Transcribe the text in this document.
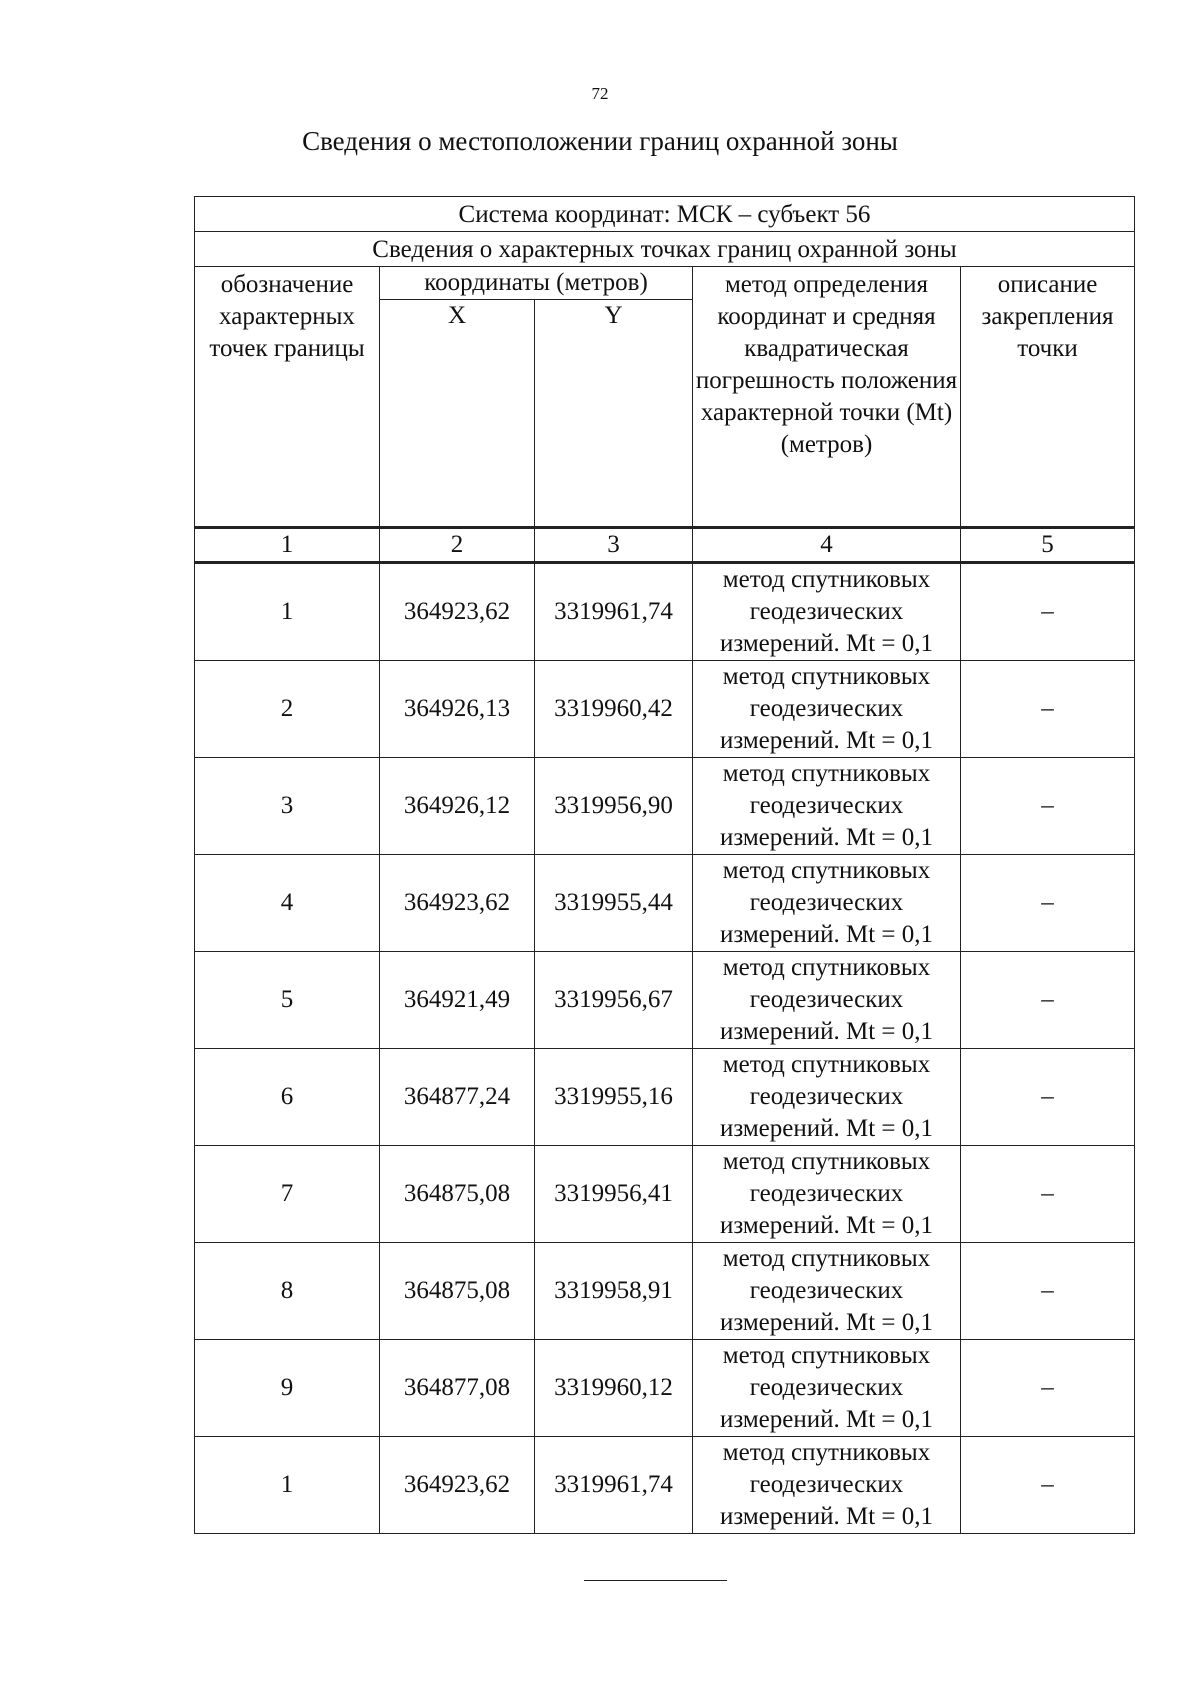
72
Сведения о местоположении границ охранной зоны
Система координат: МСК – субъект 56				
Сведения о характерных точках границ охранной зоны				
обозначение характерных точек границы	координаты (метров)		метод определения координат и средняя квадратическая погрешность положения характерной точки (Mt) (метров)	описание закрепления точки
	X	Y		
1	2	3	4	5
1	364923,62	3319961,74	метод спутниковых геодезических измерений. Mt = 0,1	–
2	364926,13	3319960,42	метод спутниковых геодезических измерений. Mt = 0,1	–
3	364926,12	3319956,90	метод спутниковых геодезических измерений. Mt = 0,1	–
4	364923,62	3319955,44	метод спутниковых геодезических измерений. Mt = 0,1	–
5	364921,49	3319956,67	метод спутниковых геодезических измерений. Mt = 0,1	–
6	364877,24	3319955,16	метод спутниковых геодезических измерений. Mt = 0,1	–
7	364875,08	3319956,41	метод спутниковых геодезических измерений. Mt = 0,1	–
8	364875,08	3319958,91	метод спутниковых геодезических измерений. Mt = 0,1	–
9	364877,08	3319960,12	метод спутниковых геодезических измерений. Mt = 0,1	–
1	364923,62	3319961,74	метод спутниковых геодезических измерений. Mt = 0,1	–
